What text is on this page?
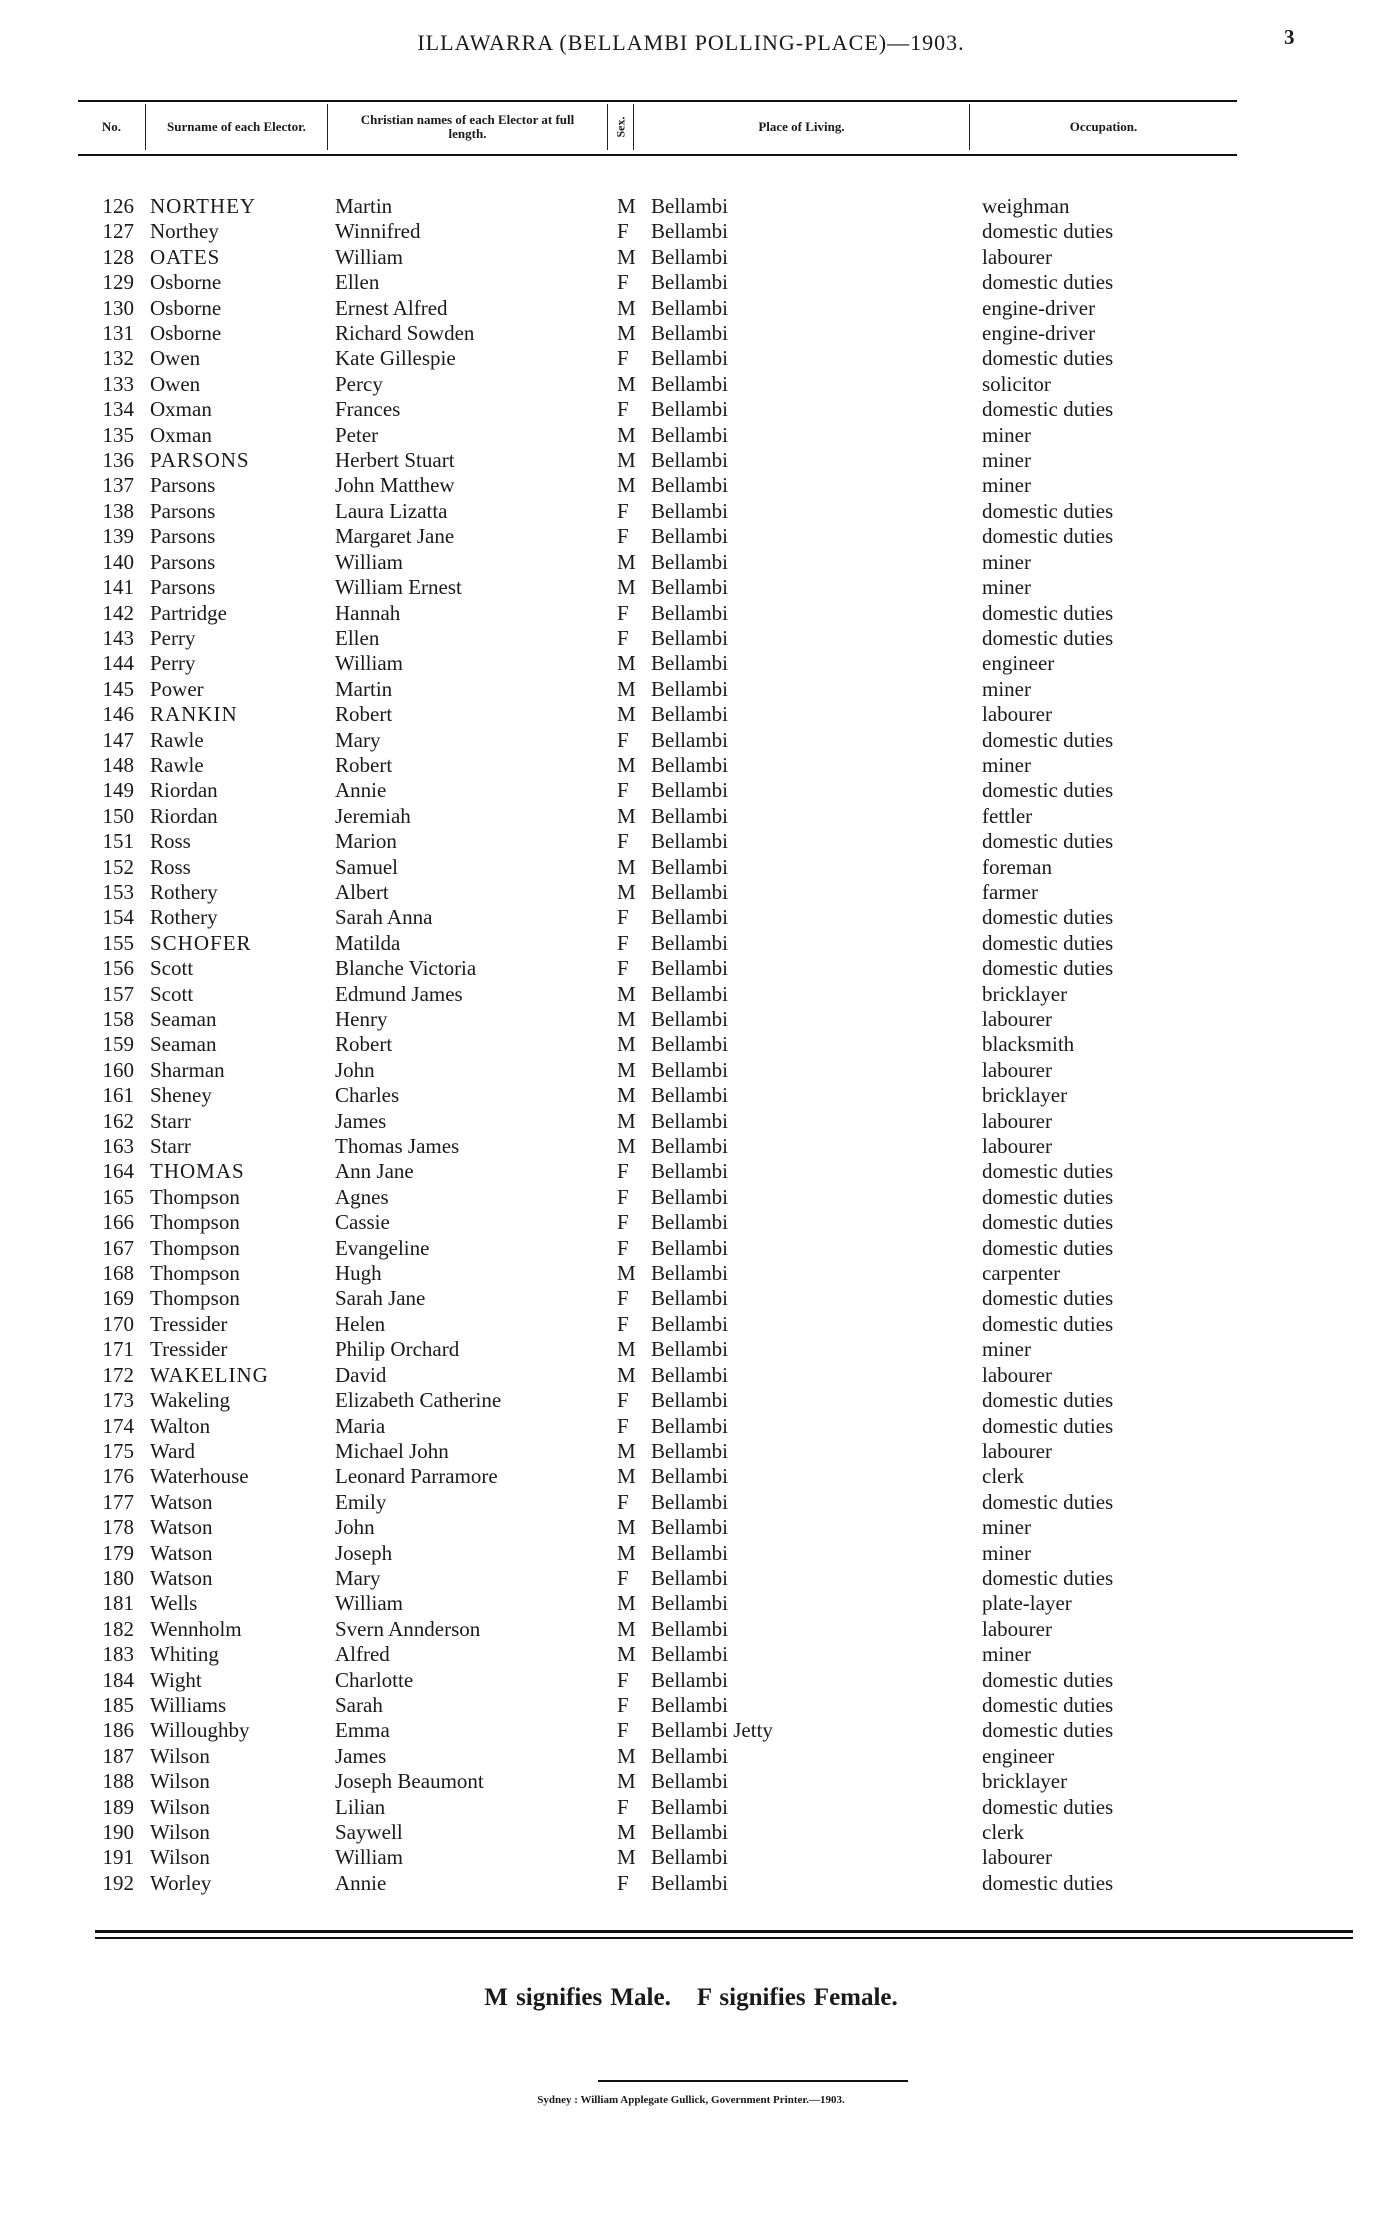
ILLAWARRA (BELLAMBI POLLING-PLACE)—1903.	3
No.	Surname of each Elector.	Christian names of each Elector at full length.	Sex.	Place of Living.	Occupation.
126 NORTHEY	Martin	M Bellambi	weighman
127 Northey	Winnifred	F Bellambi	domestic duties
128 OATES	William	M Bellambi	labourer
129 Osborne	Ellen	F Bellambi	domestic duties
130 Osborne	Ernest Alfred	M Bellambi	engine-driver
131 Osborne	Richard Sowden	M Bellambi	engine-driver
132 Owen	Kate Gillespie	F Bellambi	domestic duties
133 Owen	Percy	M Bellambi	solicitor
134 Oxman	Frances	F Bellambi	domestic duties
135 Oxman	Peter	M Bellambi	miner
136 PARSONS	Herbert Stuart	M Bellambi	miner
137 Parsons	John Matthew	M Bellambi	miner
138 Parsons	Laura Lizatta	F Bellambi	domestic duties
139 Parsons	Margaret Jane	F Bellambi	domestic duties
140 Parsons	William	M Bellambi	miner
141 Parsons	William Ernest	M Bellambi	miner
142 Partridge	Hannah	F Bellambi	domestic duties
143 Perry	Ellen	F Bellambi	domestic duties
144 Perry	William	M Bellambi	engineer
145 Power	Martin	M Bellambi	miner
146 RANKIN	Robert	M Bellambi	labourer
147 Rawle	Mary	F Bellambi	domestic duties
148 Rawle	Robert	M Bellambi	miner
149 Riordan	Annie	F Bellambi	domestic duties
150 Riordan	Jeremiah	M Bellambi	fettler
151 Ross	Marion	F Bellambi	domestic duties
152 Ross	Samuel	M Bellambi	foreman
153 Rothery	Albert	M Bellambi	farmer
154 Rothery	Sarah Anna	F Bellambi	domestic duties
155 SCHOFER	Matilda	F Bellambi	domestic duties
156 Scott	Blanche Victoria	F Bellambi	domestic duties
157 Scott	Edmund James	M Bellambi	bricklayer
158 Seaman	Henry	M Bellambi	labourer
159 Seaman	Robert	M Bellambi	blacksmith
160 Sharman	John	M Bellambi	labourer
161 Sheney	Charles	M Bellambi	bricklayer
162 Starr	James	M Bellambi	labourer
163 Starr	Thomas James	M Bellambi	labourer
164 THOMAS	Ann Jane	F Bellambi	domestic duties
165 Thompson	Agnes	F Bellambi	domestic duties
166 Thompson	Cassie	F Bellambi	domestic duties
167 Thompson	Evangeline	F Bellambi	domestic duties
168 Thompson	Hugh	M Bellambi	carpenter
169 Thompson	Sarah Jane	F Bellambi	domestic duties
170 Tressider	Helen	F Bellambi	domestic duties
171 Tressider	Philip Orchard	M Bellambi	miner
172 WAKELING	David	M Bellambi	labourer
173 Wakeling	Elizabeth Catherine	F Bellambi	domestic duties
174 Walton	Maria	F Bellambi	domestic duties
175 Ward	Michael John	M Bellambi	labourer
176 Waterhouse	Leonard Parramore	M Bellambi	clerk
177 Watson	Emily	F Bellambi	domestic duties
178 Watson	John	M Bellambi	miner
179 Watson	Joseph	M Bellambi	miner
180 Watson	Mary	F Bellambi	domestic duties
181 Wells	William	M Bellambi	plate-layer
182 Wennholm	Svern Annderson	M Bellambi	labourer
183 Whiting	Alfred	M Bellambi	miner
184 Wight	Charlotte	F Bellambi	domestic duties
185 Williams	Sarah	F Bellambi	domestic duties
186 Willoughby	Emma	F Bellambi Jetty	domestic duties
187 Wilson	James	M Bellambi	engineer
188 Wilson	Joseph Beaumont	M Bellambi	bricklayer
189 Wilson	Lilian	F Bellambi	domestic duties
190 Wilson	Saywell	M Bellambi	clerk
191 Wilson	William	M Bellambi	labourer
192 Worley	Annie	F Bellambi	domestic duties
M signifies Male. F signifies Female.
Sydney : William Applegate Gullick, Government Printer.—1903.
